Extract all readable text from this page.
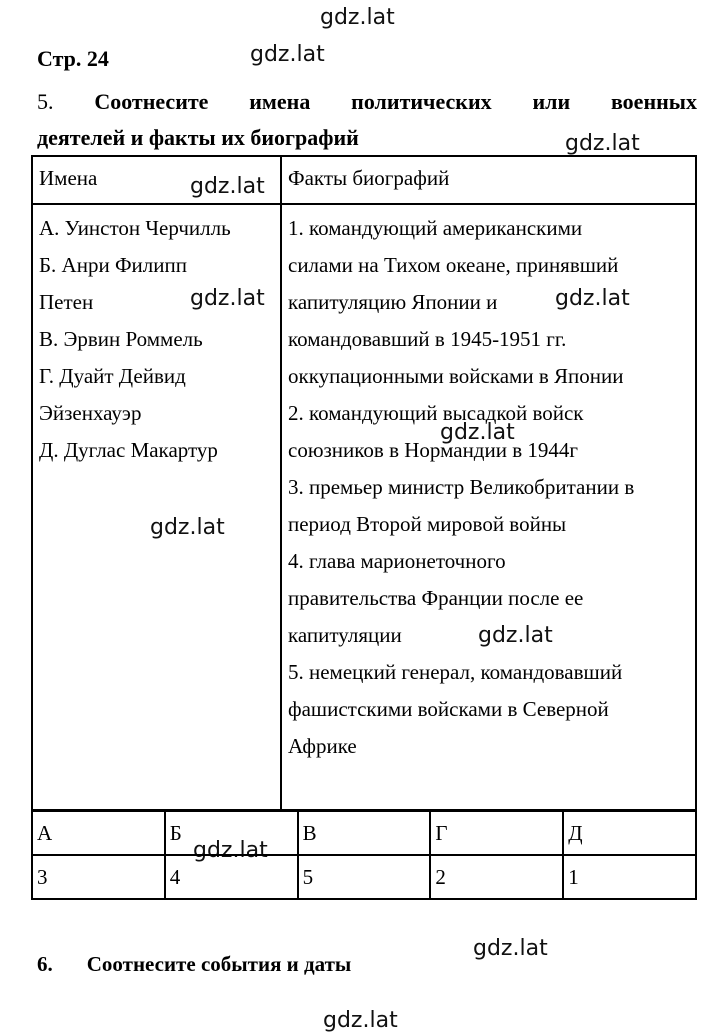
gdz.lat
gdz.lat
gdz.lat
gdz.lat
gdz.lat	gdz.lat
gdz.lat
gdz.lat
gdz.lat
gdz.lat
gdz.lat
gdz.lat
Стр. 24
5. Соотнесите имена политических или военных
деятелей и факты их биографий
Имена	Факты биографий
А. Уинстон Черчилль
Б. Анри Филипп
Петен
В. Эрвин Роммель
Г. Дуайт Дейвид
Эйзенхауэр
Д. Дуглас Макартур
1. командующий американскими
силами на Тихом океане, принявший
капитуляцию Японии и
командовавший в 1945-1951 гг.
оккупационными войсками в Японии
2. командующий высадкой войск
союзников в Нормандии в 1944г
3. премьер министр Великобритании в
период Второй мировой войны
4. глава марионеточного
правительства Франции после ее
капитуляции
5. немецкий генерал, командовавший
фашистскими войсками в Северной
Африке
А	Б	В	Г	Д
3	4	5	2	1
6. Соотнесите события и даты
